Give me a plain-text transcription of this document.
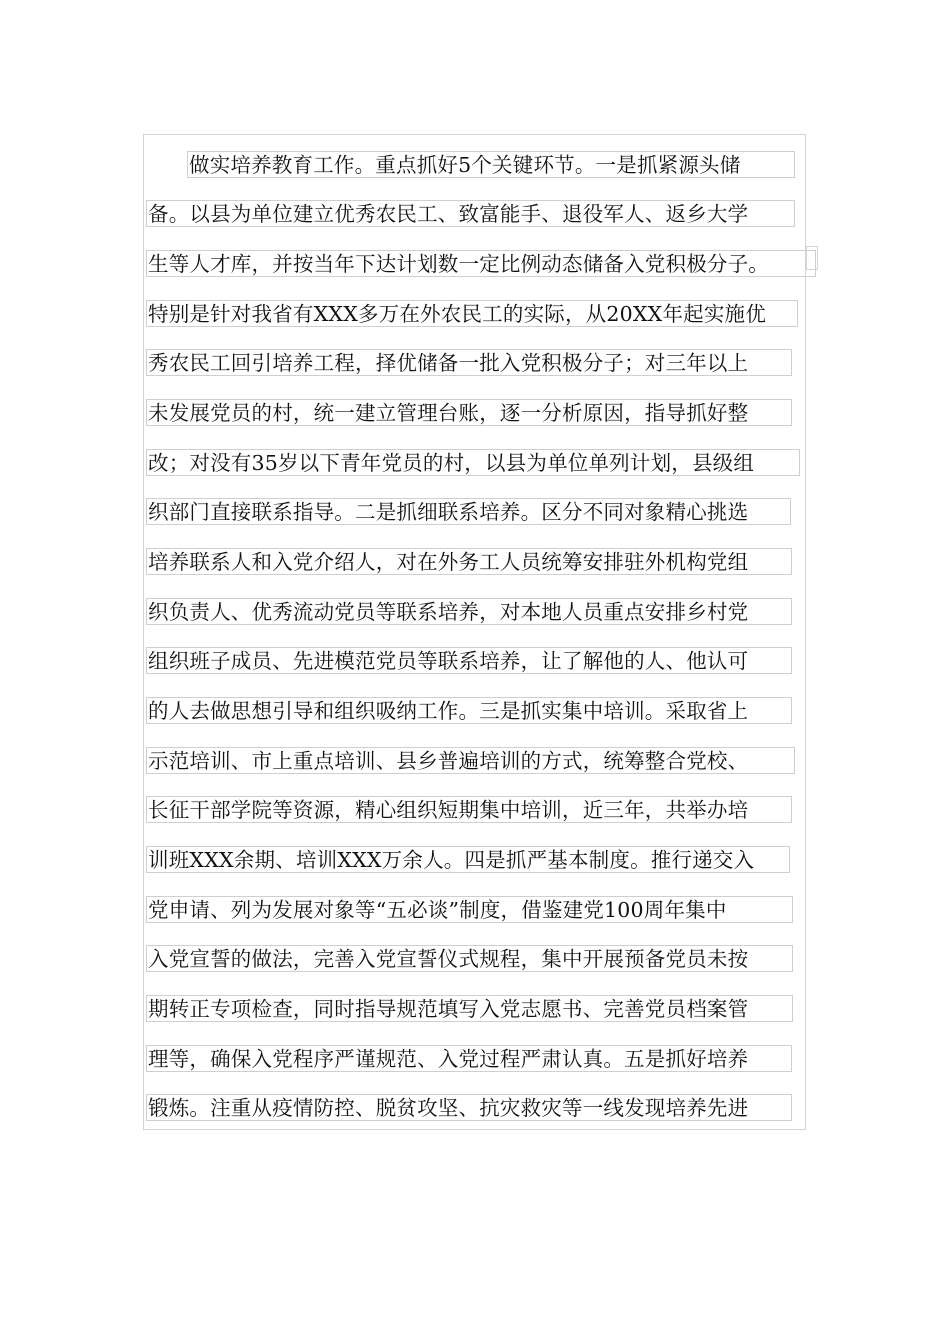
做实培养教育工作。重点抓好5个关键环节。一是抓紧源头储
备。以县为单位建立优秀农民工、致富能手、退役军人、返乡大学
生等人才库，并按当年下达计划数一定比例动态储备入党积极分子。
特别是针对我省有XXX多万在外农民工的实际，从20XX年起实施优
秀农民工回引培养工程，择优储备一批入党积极分子；对三年以上
未发展党员的村，统一建立管理台账，逐一分析原因，指导抓好整
改；对没有35岁以下青年党员的村，以县为单位单列计划，县级组
织部门直接联系指导。二是抓细联系培养。区分不同对象精心挑选
培养联系人和入党介绍人，对在外务工人员统筹安排驻外机构党组
织负责人、优秀流动党员等联系培养，对本地人员重点安排乡村党
组织班子成员、先进模范党员等联系培养，让了解他的人、他认可
的人去做思想引导和组织吸纳工作。三是抓实集中培训。采取省上
示范培训、市上重点培训、县乡普遍培训的方式，统筹整合党校、
长征干部学院等资源，精心组织短期集中培训，近三年，共举办培
训班XXX余期、培训XXX万余人。四是抓严基本制度。推行递交入
党申请、列为发展对象等“五必谈”制度，借鉴建党100周年集中
入党宣誓的做法，完善入党宣誓仪式规程，集中开展预备党员未按
期转正专项检查，同时指导规范填写入党志愿书、完善党员档案管
理等，确保入党程序严谨规范、入党过程严肃认真。五是抓好培养
锻炼。注重从疫情防控、脱贫攻坚、抗灾救灾等一线发现培养先进
